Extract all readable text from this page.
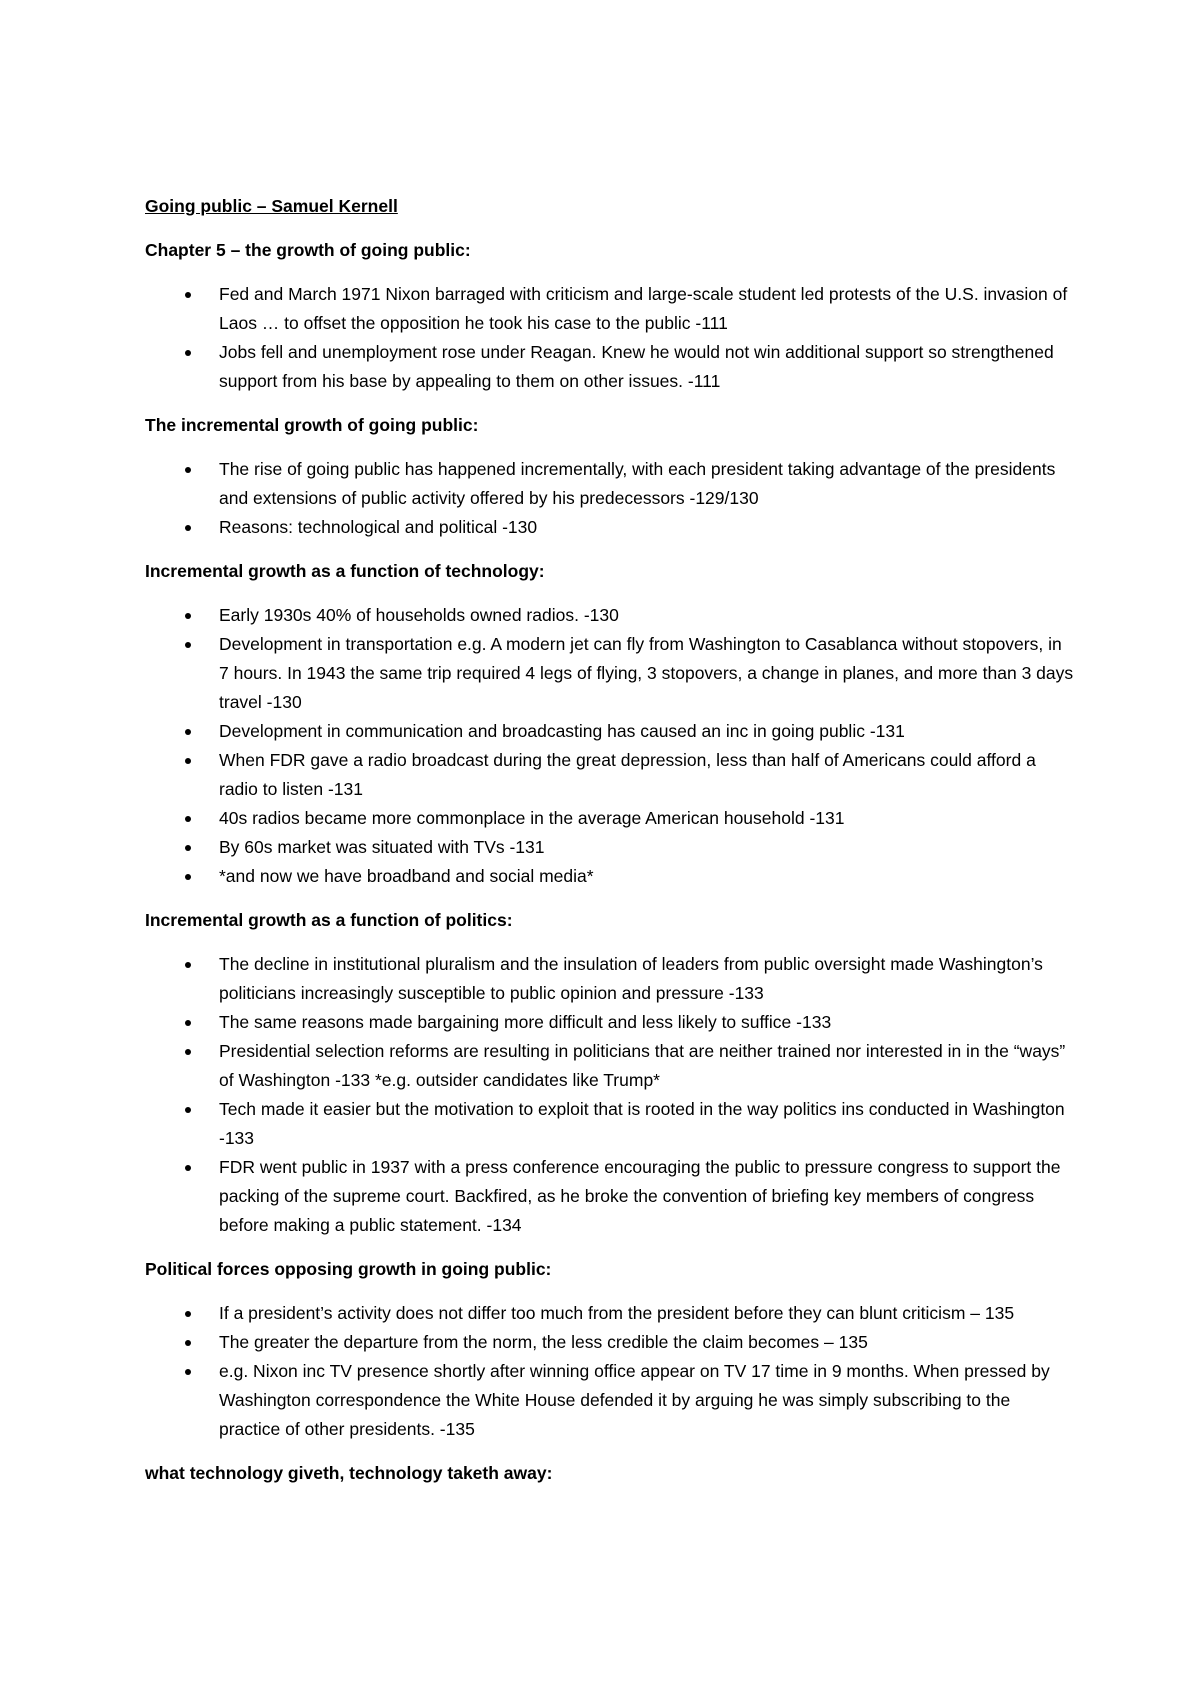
Going public – Samuel Kernell

Chapter 5 – the growth of going public:

Fed and March 1971 Nixon barraged with criticism and large-scale student led protests of the U.S. invasion of Laos … to offset the opposition he took his case to the public -111
Jobs fell and unemployment rose under Reagan. Knew he would not win additional support so strengthened support from his base by appealing to them on other issues. -111

The incremental growth of going public:

The rise of going public has happened incrementally, with each president taking advantage of the presidents and extensions of public activity offered by his predecessors -129/130
Reasons: technological and political -130

Incremental growth as a function of technology:

Early 1930s 40% of households owned radios. -130
Development in transportation e.g. A modern jet can fly from Washington to Casablanca without stopovers, in 7 hours. In 1943 the same trip required 4 legs of flying, 3 stopovers, a change in planes, and more than 3 days travel -130
Development in communication and broadcasting has caused an inc in going public -131
When FDR gave a radio broadcast during the great depression, less than half of Americans could afford a radio to listen -131
40s radios became more commonplace in the average American household -131
By 60s market was situated with TVs -131
*and now we have broadband and social media*

Incremental growth as a function of politics:

The decline in institutional pluralism and the insulation of leaders from public oversight made Washington’s politicians increasingly susceptible to public opinion and pressure -133
The same reasons made bargaining more difficult and less likely to suffice -133
Presidential selection reforms are resulting in politicians that are neither trained nor interested in in the “ways” of Washington -133 *e.g. outsider candidates like Trump*
Tech made it easier but the motivation to exploit that is rooted in the way politics ins conducted in Washington -133
FDR went public in 1937 with a press conference encouraging the public to pressure congress to support the packing of the supreme court. Backfired, as he broke the convention of briefing key members of congress before making a public statement. -134

Political forces opposing growth in going public:

If a president’s activity does not differ too much from the president before they can blunt criticism – 135
The greater the departure from the norm, the less credible the claim becomes – 135
e.g. Nixon inc TV presence shortly after winning office appear on TV 17 time in 9 months. When pressed by Washington correspondence the White House defended it by arguing he was simply subscribing to the practice of other presidents. -135

what technology giveth, technology taketh away:
